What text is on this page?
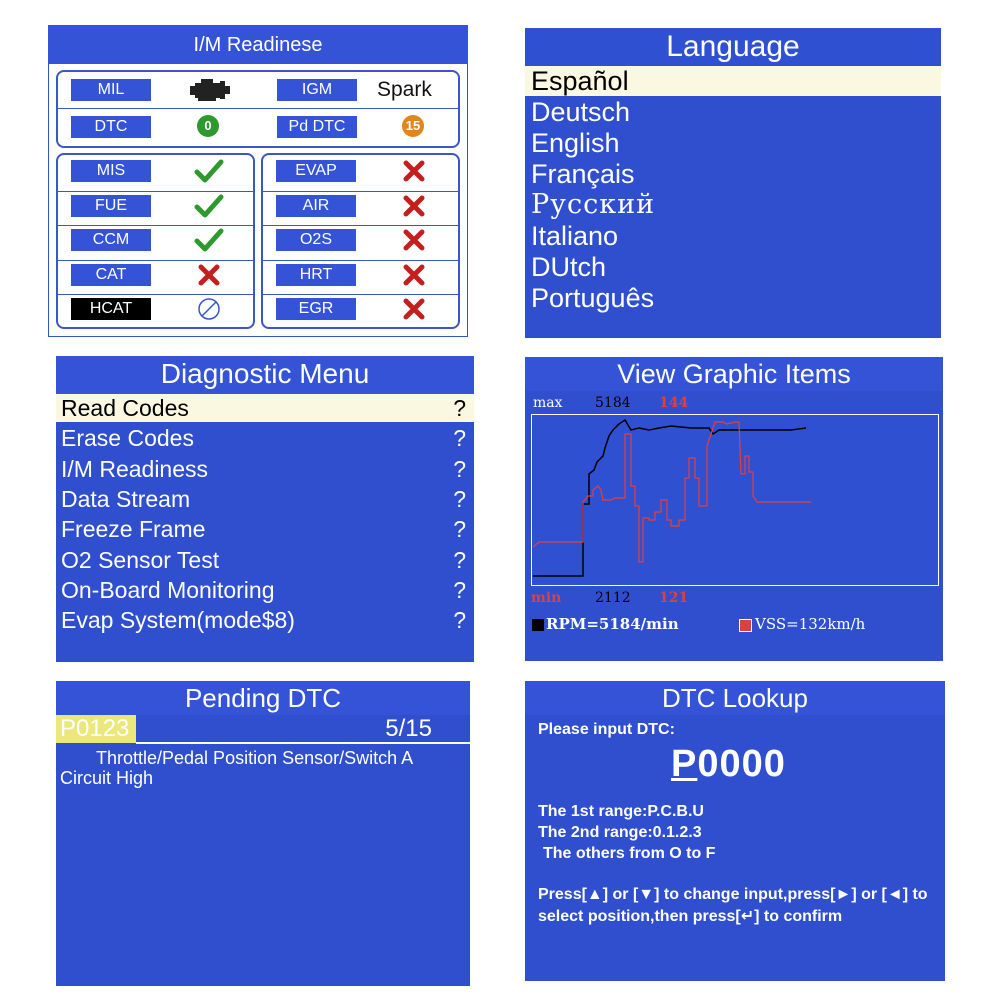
I/M Readinese
MIL	IGM	Spark
DTC	0	Pd DTC	15
MIS
FUE
CCM
CAT
HCAT
EVAP
AIR
O2S
HRT
EGR
Language
Español
Deutsch
English
Français
Русский
Italiano
DUtch
Português
Diagnostic Menu
Read Codes	?
Erase Codes	?
I/M Readiness	?
Data Stream	?
Freeze Frame	?
O2 Sensor Test	?
On-Board Monitoring	?
Evap System(mode$8)	?
View Graphic Items
max 5184 144
min 2112 121
RPM=5184/min	VSS=132km/h
Pending DTC
P0123	5/15
Throttle/Pedal Position Sensor/Switch A Circuit High
DTC Lookup
Please input DTC:
P0000
The 1st range:P.C.B.U
The 2nd range:0.1.2.3
The others from O to F
Press[▲] or [▼] to change input,press[►] or [◄] to
select position,then press[↵] to confirm
